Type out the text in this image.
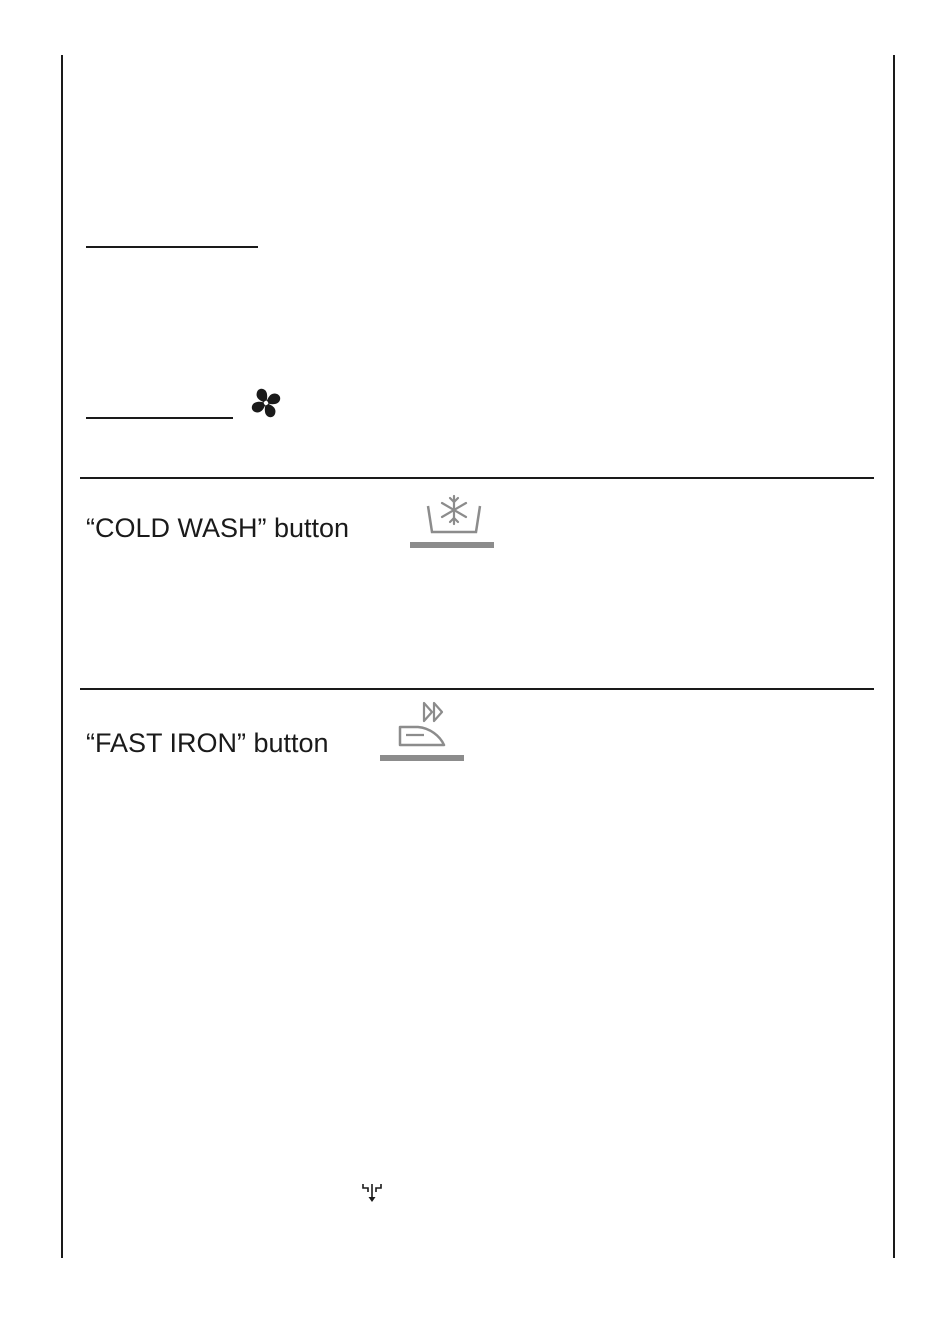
“COLD WASH” button
“FAST IRON” button
